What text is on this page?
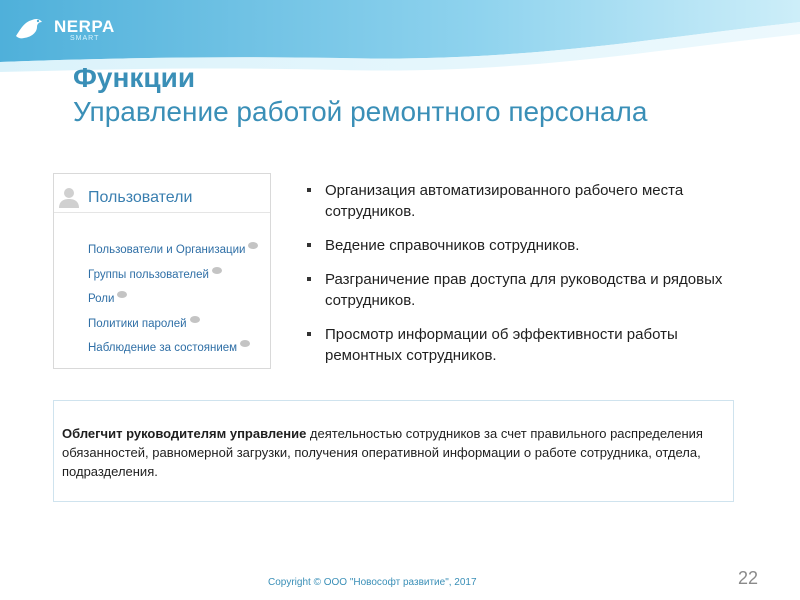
NERPA
SMART
Функции
Управление работой ремонтного персонала
Пользователи
Пользователи и Организации
Группы пользователей
Роли
Политики паролей
Наблюдение за состоянием
Организация автоматизированного рабочего места сотрудников.
Ведение справочников сотрудников.
Разграничение прав доступа для руководства и рядовых сотрудников.
Просмотр информации об эффективности работы ремонтных сотрудников.
Облегчит руководителям управление деятельностью сотрудников за счет правильного распределения обязанностей, равномерной загрузки, получения оперативной информации о работе сотрудника, отдела, подразделения.
Copyright © ООО "Новософт развитие", 2017	22
